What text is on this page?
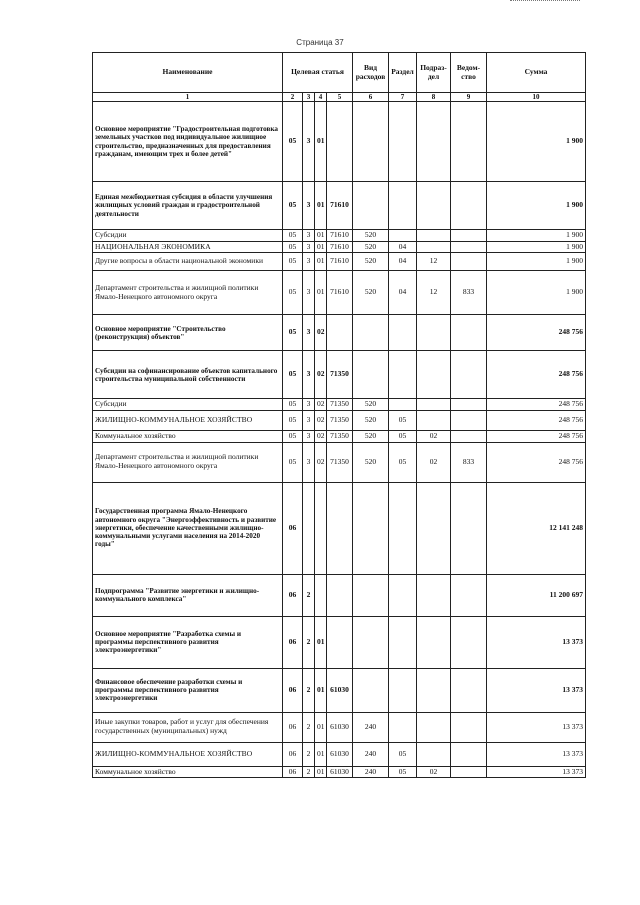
Страница 37
Наименование	Целевая статья				Вид расходов	Раздел	Подраз-дел	Ведом-ство	Сумма
1	2	3	4	5	6	7	8	9	10
Основное мероприятие "Градостроительная подготовка земельных участков под индивидуальное жилищное строительство, предназначенных для предоставления гражданам, имеющим трех и более детей"	05	3	01						1 900
Единая межбюджетная субсидия в области улучшения жилищных условий граждан и градостроительной деятельности	05	3	01	71610					1 900
Субсидии	05	3	01	71610	520				1 900
НАЦИОНАЛЬНАЯ ЭКОНОМИКА	05	3	01	71610	520	04			1 900
Другие вопросы в области национальной экономики	05	3	01	71610	520	04	12		1 900
Департамент строительства и жилищной политики Ямало-Ненецкого автономного округа	05	3	01	71610	520	04	12	833	1 900
Основное мероприятие "Строительство (реконструкция) объектов"	05	3	02						248 756
Субсидии на софинансирование объектов капитального строительства муниципальной собственности	05	3	02	71350					248 756
Субсидии	05	3	02	71350	520				248 756
ЖИЛИЩНО-КОММУНАЛЬНОЕ ХОЗЯЙСТВО	05	3	02	71350	520	05			248 756
Коммунальное хозяйство	05	3	02	71350	520	05	02		248 756
Департамент строительства и жилищной политики Ямало-Ненецкого автономного округа	05	3	02	71350	520	05	02	833	248 756
Государственная программа Ямало-Ненецкого автономного округа "Энергоэффективность и развитие энергетики, обеспечение качественными жилищно-коммунальными услугами населения на 2014-2020 годы"	06								12 141 248
Подпрограмма "Развитие энергетики и жилищно-коммунального комплекса"	06	2							11 200 697
Основное мероприятие "Разработка схемы и программы перспективного развития электроэнергетики"	06	2	01						13 373
Финансовое обеспечение разработки схемы и программы перспективного развития электроэнергетики	06	2	01	61030					13 373
Иные закупки товаров, работ и услуг для обеспечения государственных (муниципальных) нужд	06	2	01	61030	240				13 373
ЖИЛИЩНО-КОММУНАЛЬНОЕ ХОЗЯЙСТВО	06	2	01	61030	240	05			13 373
Коммунальное хозяйство	06	2	01	61030	240	05	02		13 373
